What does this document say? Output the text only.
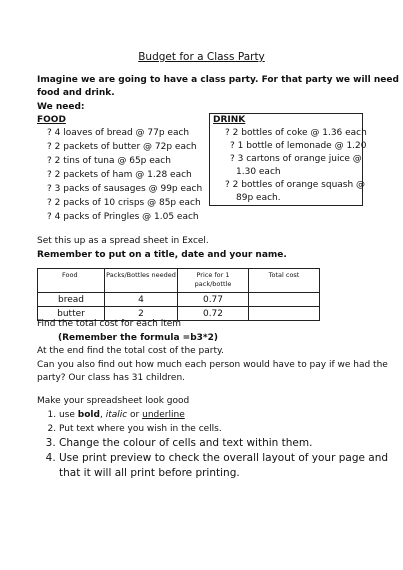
Budget for a Class Party
Imagine we are going to have a class party. For that party we will need
food and drink.
We need:
FOOD
? 4 loaves of bread @ 77p each
? 2 packets of butter @ 72p each
? 2 tins of tuna @ 65p each
? 2 packets of ham @ 1.28 each
? 3 packs of sausages @ 99p each
? 2 packs of 10 crisps @ 85p each
? 4 packs of Pringles @ 1.05 each
DRINK
? 2 bottles of coke @ 1.36 each
? 1 bottle of lemonade @ 1.20
? 3 cartons of orange juice @
1.30 each
? 2 bottles of orange squash @
89p each.
Set this up as a spread sheet in Excel.
Remember to put on a title, date and your name.
Food	Packs/Bottles needed	Price for 1 pack/bottle	Total cost
bread	4	0.77	
butter	2	0.72	
Find the total cost for each item
(Remember the formula =b3*2)
At the end find the total cost of the party.
Can you also find out how much each person would have to pay if we had the
party? Our class has 31 children.
Make your spreadsheet look good
1. use bold, italic or underline
2. Put text where you wish in the cells.
3. Change the colour of cells and text within them.
4. Use print preview to check the overall layout of your page and that it will all print before printing.
